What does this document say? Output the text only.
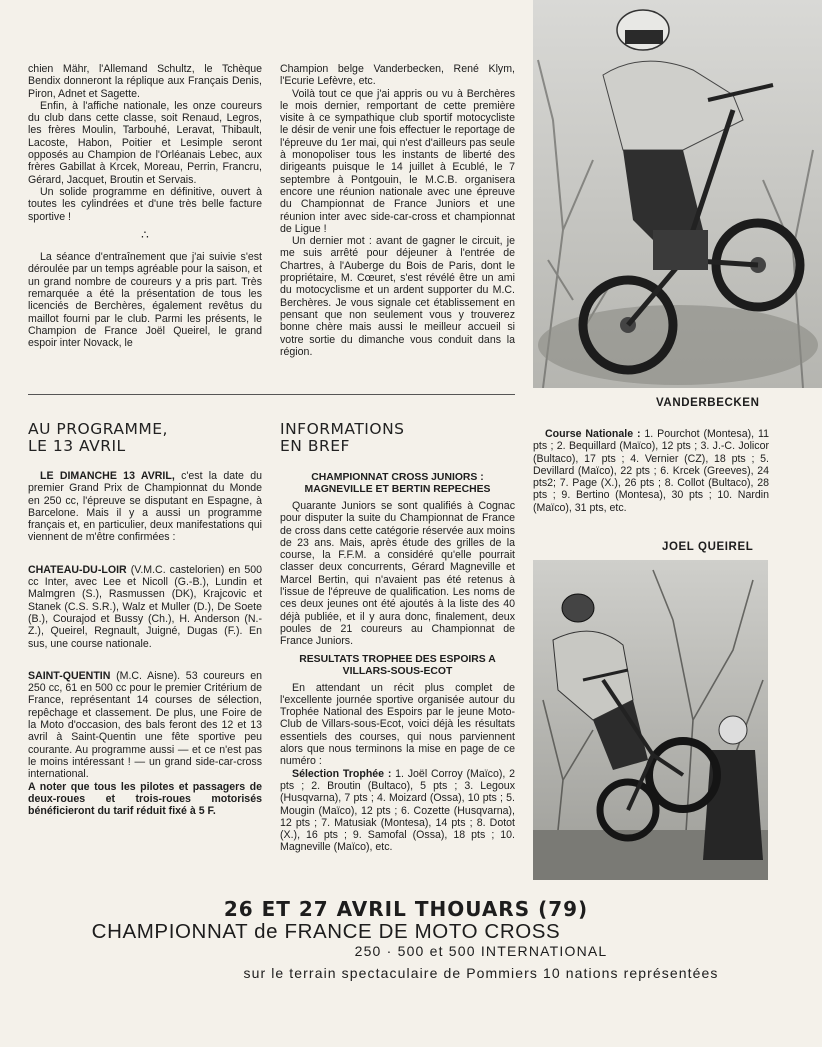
chien Mähr, l'Allemand Schultz, le Tchèque Bendix donneront la réplique aux Français Denis, Piron, Adnet et Sagette.

Enfin, à l'affiche nationale, les onze coureurs du club dans cette classe, soit Renaud, Legros, les frères Moulin, Tarbouhé, Leravat, Thibault, Lacoste, Habon, Poitier et Lesimple seront opposés au Champion de l'Orléanais Lebec, aux frères Gabillat à Krcek, Moreau, Perrin, Francru, Gérard, Jacquet, Broutin et Servais.

Un solide programme en définitive, ouvert à toutes les cylindrées et d'une très belle facture sportive !

∴

La séance d'entraînement que j'ai suivie s'est déroulée par un temps agréable pour la saison, et un grand nombre de coureurs y a pris part. Très remarquée a été la présentation de tous les licenciés de Berchères, également revêtus du maillot fourni par le club. Parmi les présents, le Champion de France Joël Queirel, le grand espoir inter Novack, le

Champion belge Vanderbecken, René Klym, l'Ecurie Lefèvre, etc.

Voilà tout ce que j'ai appris ou vu à Berchères le mois dernier, remportant de cette première visite à ce sympathique club sportif motocycliste le désir de venir une fois effectuer le reportage de l'épreuve du 1er mai, qui n'est d'ailleurs pas seule à monopoliser tous les instants de liberté des dirigeants puisque le 14 juillet à Ecublé, le 7 septembre à Pontgouin, le M.C.B. organisera encore une réunion nationale avec une épreuve du Championnat de France Juniors et une réunion inter avec side-car-cross et championnat de Ligue !

Un dernier mot : avant de gagner le circuit, je me suis arrêté pour déjeuner à l'entrée de Chartres, à l'Auberge du Bois de Paris, dont le propriétaire, M. Cœuret, s'est révélé être un ami du motocyclisme et un ardent supporter du M.C. Berchères. Je vous signale cet établissement en pensant que non seulement vous y trouverez bonne chère mais aussi le meilleur accueil si votre sortie du dimanche vous conduit dans la région.

VANDERBECKEN
AU PROGRAMME,
LE 13 AVRIL

LE DIMANCHE 13 AVRIL, c'est la date du premier Grand Prix de Championnat du Monde en 250 cc, l'épreuve se disputant en Espagne, à Barcelone. Mais il y a aussi un programme français et, en particulier, deux manifestations qui viennent de m'être confirmées :

CHATEAU-DU-LOIR (V.M.C. castelorien) en 500 cc Inter, avec Lee et Nicoll (G.-B.), Lundin et Malmgren (S.), Rasmussen (DK), Krajcovic et Stanek (C.S. S.R.), Walz et Muller (D.), De Soete (B.), Courajod et Bussy (Ch.), H. Anderson (N.-Z.), Queirel, Regnault, Juigné, Dugas (F.). En sus, une course nationale.

SAINT-QUENTIN (M.C. Aisne). 53 coureurs en 250 cc, 61 en 500 cc pour le premier Critérium de France, représentant 14 courses de sélection, repêchage et classement. De plus, une Foire de la Moto d'occasion, des bals feront des 12 et 13 avril à Saint-Quentin une fête sportive peu courante. Au programme aussi — et ce n'est pas le moins intéressant ! — un grand side-car-cross international.

A noter que tous les pilotes et passagers de deux-roues et trois-roues motorisés bénéficieront du tarif réduit fixé à 5 F.

INFORMATIONS
EN BREF
CHAMPIONNAT CROSS JUNIORS : MAGNEVILLE ET BERTIN REPECHES

Quarante Juniors se sont qualifiés à Cognac pour disputer la suite du Championnat de France de cross dans cette catégorie réservée aux moins de 23 ans. Mais, après étude des grilles de la course, la F.F.M. a considéré qu'elle pourrait classer deux concurrents, Gérard Magneville et Marcel Bertin, qui n'avaient pas été retenus à l'issue de l'épreuve de qualification. Les noms de ces deux jeunes ont été ajoutés à la liste des 40 déjà publiée, et il y aura donc, finalement, deux poules de 21 coureurs au Championnat de France Juniors.

RESULTATS TROPHEE DES ESPOIRS A VILLARS-SOUS-ECOT

En attendant un récit plus complet de l'excellente journée sportive organisée autour du Trophée National des Espoirs par le jeune Moto-Club de Villars-sous-Ecot, voici déjà les résultats essentiels des courses, qui nous parviennent alors que nous terminons la mise en page de ce numéro :

Sélection Trophée : 1. Joël Corroy (Maïco), 2 pts ; 2. Broutin (Bultaco), 5 pts ; 3. Legoux (Husqvarna), 7 pts ; 4. Moizard (Ossa), 10 pts ; 5. Mougin (Maïco), 12 pts ; 6. Cozette (Husqvarna), 12 pts ; 7. Matusiak (Montesa), 14 pts ; 8. Dotot (X.), 16 pts ; 9. Samofal (Ossa), 18 pts ; 10. Magneville (Maïco), etc.

Course Nationale : 1. Pourchot (Montesa), 11 pts ; 2. Bequillard (Maïco), 12 pts ; 3. J.-C. Jolicor (Bultaco), 17 pts ; 4. Vernier (CZ), 18 pts ; 5. Devillard (Maïco), 22 pts ; 6. Krcek (Greeves), 24 pts2; 7. Page (X.), 26 pts ; 8. Collot (Bultaco), 28 pts ; 9. Bertino (Montesa), 30 pts ; 10. Nardin (Maïco), 31 pts, etc.

JOEL QUEIREL
26 ET 27 AVRIL THOUARS (79)
CHAMPIONNAT de FRANCE DE MOTO CROSS
250 · 500 et 500 INTERNATIONAL
sur le terrain spectaculaire de Pommiers 10 nations représentées
